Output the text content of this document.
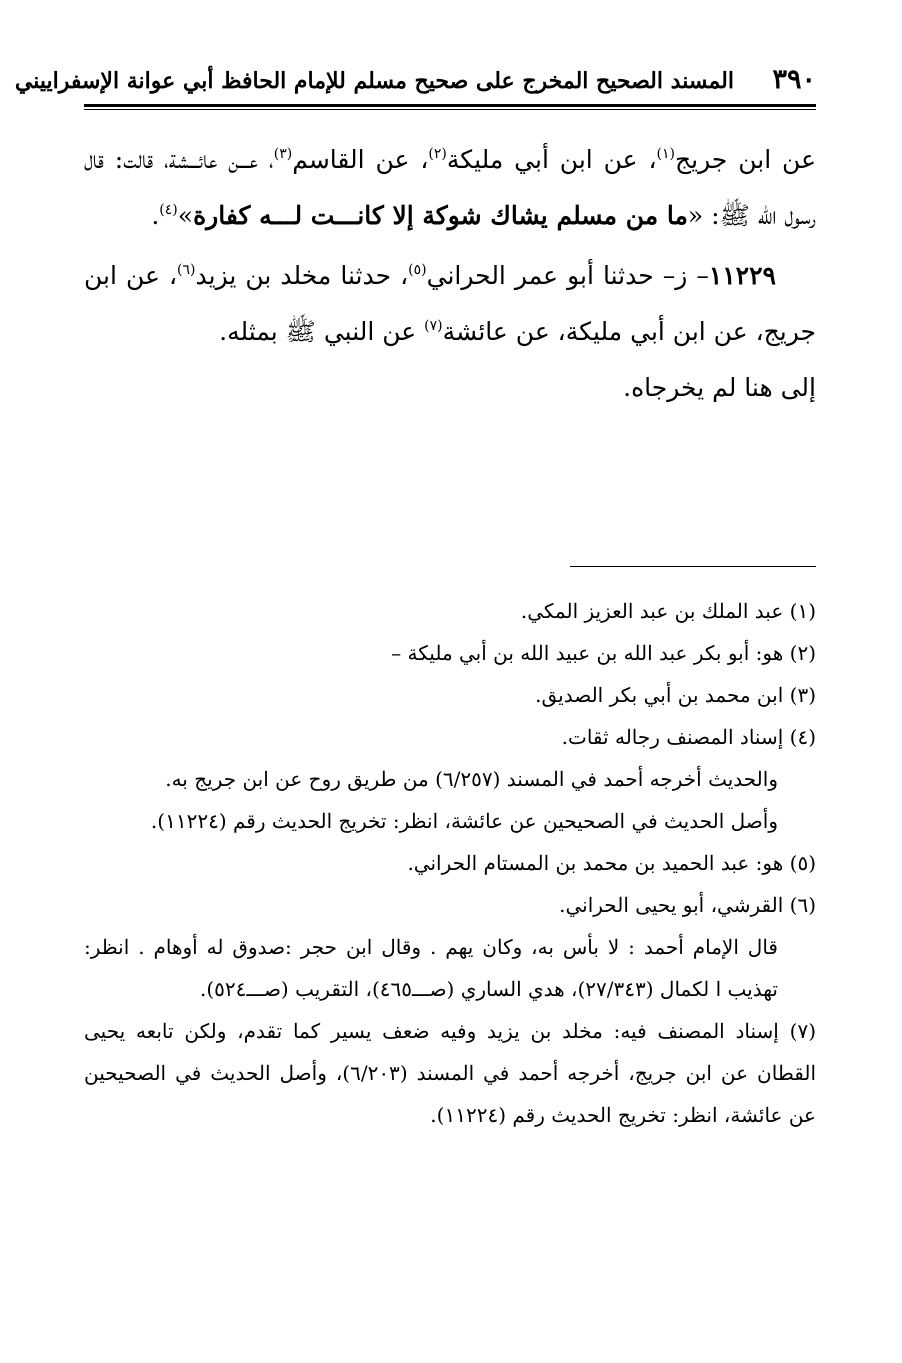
٣٩٠
المسند الصحيح المخرج على صحيح مسلم للإمام الحافظ أبي عوانة الإسفراييني

عن ابن جريج$^{(١)}$، عن ابن أبي مليكة$^{(٢)}$، عن القاسم$^{(٣)}$، عـــن عائـــشة، قالت: قال رسول الله ﷺ: «ما من مسلم يشاك شوكة إلا كانـــت لـــه كفارة»$^{(٤)}$.

١١٢٢٩– ز– حدثنا أبو عمر الحراني$^{(٥)}$، حدثنا مخلد بن يزيد$^{(٦)}$، عن ابن جريج، عن ابن أبي مليكة، عن عائشة$^{(٧)}$ عن النبي ﷺ بمثله.

إلى هنا لم يخرجاه.

(١) عبد الملك بن عبد العزيز المكي.

(٢) هو: أبو بكر عبد الله بن عبيد الله بن أبي مليكة –

(٣) ابن محمد بن أبي بكر الصديق.

(٤) إسناد المصنف رجاله ثقات.

والحديث أخرجه أحمد في المسند (٦/٢٥٧) من طريق روح عن ابن جريج به.

وأصل الحديث في الصحيحين عن عائشة، انظر: تخريج الحديث رقم (١١٢٢٤).

(٥) هو: عبد الحميد بن محمد بن المستام الحراني.

(٦) القرشي، أبو يحيى الحراني.

قال الإمام أحمد : لا بأس به، وكان يهم . وقال ابن حجر :صدوق له أوهام . انظر: تهذيب ا لكمال (٢٧/٣٤٣)، هدي الساري (صـــ٤٦٥)، التقريب (صـــ٥٢٤).

(٧) إسناد المصنف فيه: مخلد بن يزيد وفيه ضعف يسير كما تقدم، ولكن تابعه يحيى القطان عن ابن جريج، أخرجه أحمد في المسند (٦/٢٠٣)، وأصل الحديث في الصحيحين عن عائشة، انظر: تخريج الحديث رقم (١١٢٢٤).
